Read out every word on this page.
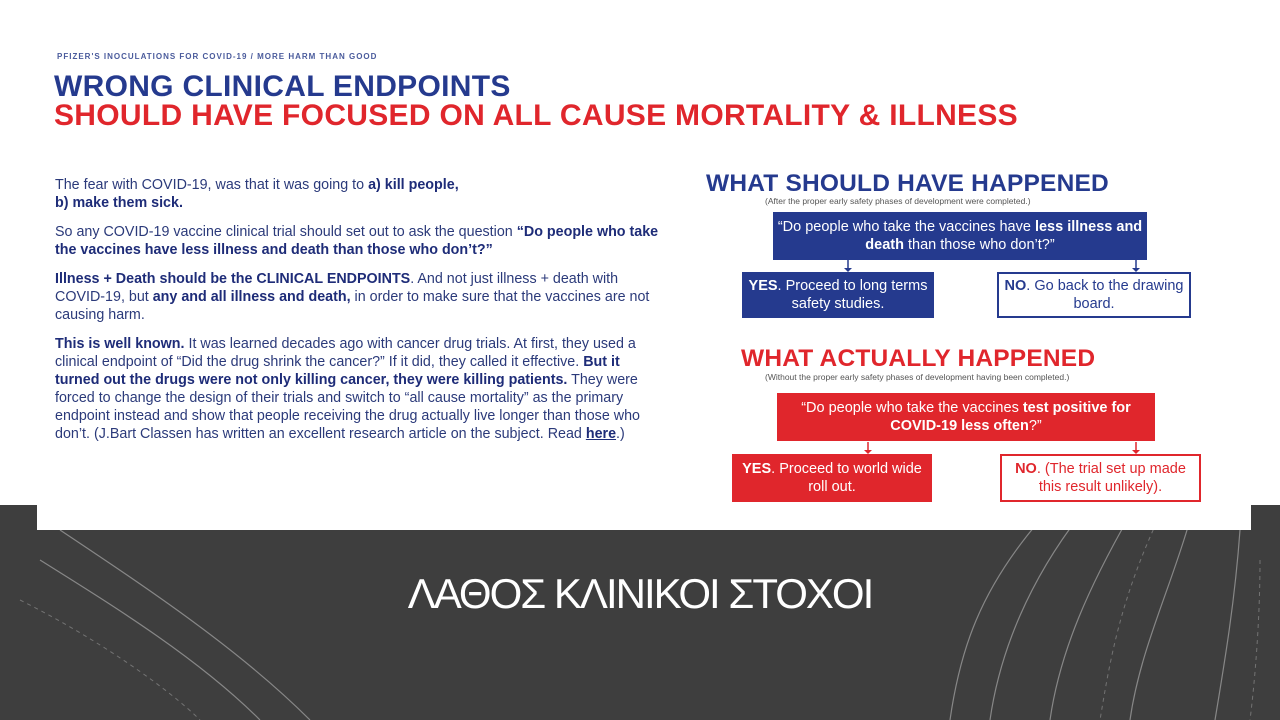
PFIZER'S INOCULATIONS FOR COVID-19 / MORE HARM THAN GOOD
WRONG CLINICAL ENDPOINTS
SHOULD HAVE FOCUSED ON ALL CAUSE MORTALITY & ILLNESS

The fear with COVID-19, was that it was going to a) kill people,
b) make them sick.

So any COVID-19 vaccine clinical trial should set out to ask the question “Do people who take the vaccines have less illness and death than those who don’t?”

Illness + Death should be the CLINICAL ENDPOINTS. And not just illness + death with COVID-19, but any and all illness and death, in order to make sure that the vaccines are not causing harm.

This is well known. It was learned decades ago with cancer drug trials. At first, they used a clinical endpoint of “Did the drug shrink the cancer?” If it did, they called it effective. But it turned out the drugs were not only killing cancer, they were killing patients. They were forced to change the design of their trials and switch to “all cause mortality” as the primary endpoint instead and show that people receiving the drug actually live longer than those who don’t. (J.Bart Classen has written an excellent research article on the subject. Read here.)

WHAT SHOULD HAVE HAPPENED
(After the proper early safety phases of development were completed.)
“Do people who take the vaccines have less illness and death than those who don’t?”
YES. Proceed to long terms safety studies.
NO. Go back to the drawing board.
WHAT ACTUALLY HAPPENED
(Without the proper early safety phases of development having been completed.)
“Do people who take the vaccines test positive for COVID-19 less often?”
YES. Proceed to world wide roll out.
NO. (The trial set up made this result unlikely).
ΛΑΘΟΣ ΚΛΙΝΙΚΟΙ ΣΤΟΧΟΙ
